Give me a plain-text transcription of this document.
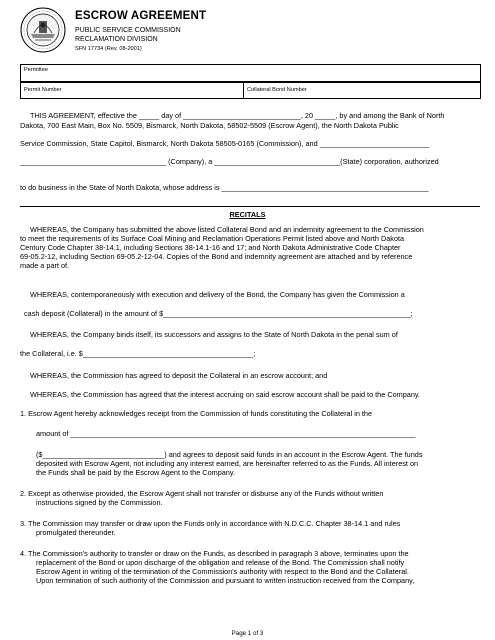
ESCROW AGREEMENT
PUBLIC SERVICE COMMISSION
RECLAMATION DIVISION
SFN 17734 (Rev. 08-2001)
Permittee
Permit Number	Collateral Bond Number
THIS AGREEMENT, effective the _____ day of _____________________________, 20 _____, by and among the Bank of North
Dakota, 700 East Main, Box No. 5509, Bismarck, North Dakota, 58502-5509 (Escrow Agent), the North Dakota Public
Service Commission, State Capitol, Bismarck, North Dakota 58505-0165 (Commission), and ___________________________
____________________________________ (Company), a _______________________________(State) corporation, authorized
to do business in the State of North Dakota, whose address is ___________________________________________________
RECITALS
WHEREAS, the Company has submitted the above listed Collateral Bond and an indemnity agreement to the Commission
to meet the requirements of its Surface Coal Mining and Reclamation Operations Permit listed above and North Dakota
Century Code Chapter 38-14.1, including Sections 38-14.1-16 and 17; and North Dakota Administrative Code Chapter
69-05.2-12, including Section 69-05.2-12-04. Copies of the Bond and indemnity agreement are attached and by reference
made a part of.
WHEREAS, contemporaneously with execution and delivery of the Bond, the Company has given the Commission a
cash deposit (Collateral) in the amount of $_____________________________________________________________;
WHEREAS, the Company binds itself, its successors and assigns to the State of North Dakota in the penal sum of
the Collateral, i.e. $__________________________________________;
WHEREAS, the Commission has agreed to deposit the Collateral in an escrow account; and
WHEREAS, the Commission has agreed that the interest accruing on said escrow account shall be paid to the Company.
1. Escrow Agent hereby acknowledges receipt from the Commission of funds constituting the Collateral in the
amount of _____________________________________________________________________________________
($______________________________) and agrees to deposit said funds in an account in the Escrow Agent. The funds
deposited with Escrow Agent, not including any interest earned, are hereinafter referred to as the Funds. All interest on
the Funds shall be paid by the Escrow Agent to the Company.
2. Except as otherwise provided, the Escrow Agent shall not transfer or disburse any of the Funds without written
instructions signed by the Commission.
3. The Commission may transfer or draw upon the Funds only in accordance with N.D.C.C. Chapter 38-14.1 and rules
promulgated thereunder.
4. The Commission's authority to transfer or draw on the Funds, as described in paragraph 3 above, terminates upon the
replacement of the Bond or upon discharge of the obligation and release of the Bond. The Commission shall notify
Escrow Agent in writing of the termination of the Commission's authority with respect to the Bond and the Collateral.
Upon termination of such authority of the Commission and pursuant to written instruction received from the Company,
Page 1 of 3
